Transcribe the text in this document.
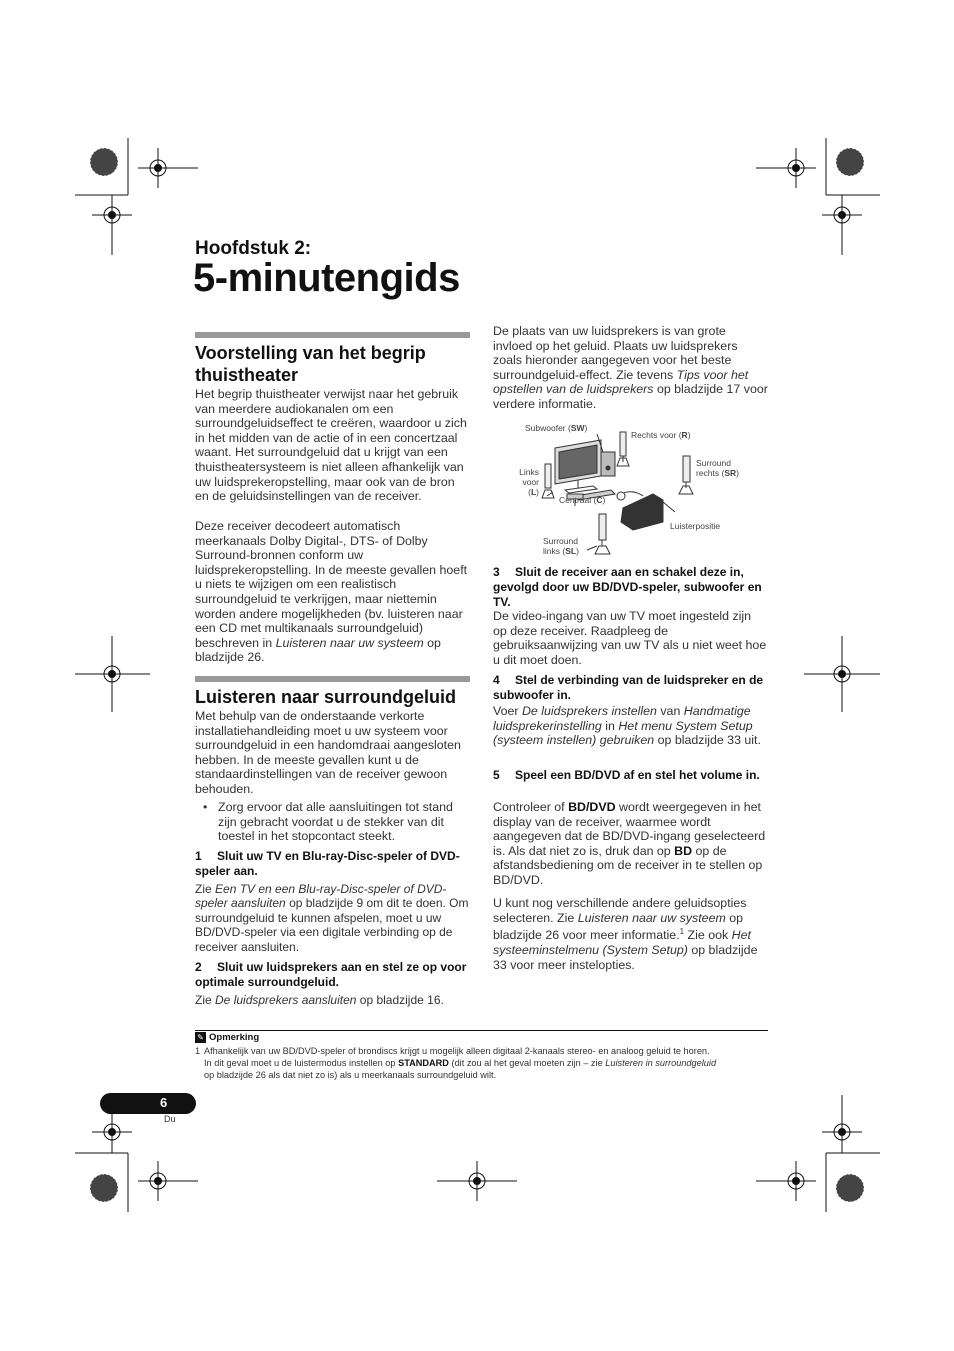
Hoofdstuk 2:
5-minutengids
Voorstelling van het begrip thuistheater
Het begrip thuistheater verwijst naar het gebruik van meerdere audiokanalen om een surroundgeluidseffect te creëren, waardoor u zich in het midden van de actie of in een concertzaal waant. Het surroundgeluid dat u krijgt van een thuistheatersysteem is niet alleen afhankelijk van uw luidsprekeropstelling, maar ook van de bron en de geluidsinstellingen van de receiver.
Deze receiver decodeert automatisch meerkanaals Dolby Digital-, DTS- of Dolby Surround-bronnen conform uw luidsprekeropstelling. In de meeste gevallen hoeft u niets te wijzigen om een realistisch surroundgeluid te verkrijgen, maar niettemin worden andere mogelijkheden (bv. luisteren naar een CD met multikanaals surroundgeluid) beschreven in Luisteren naar uw systeem op bladzijde 26.
Luisteren naar surroundgeluid
Met behulp van de onderstaande verkorte installatiehandleiding moet u uw systeem voor surroundgeluid in een handomdraai aangesloten hebben. In de meeste gevallen kunt u de standaardinstellingen van de receiver gewoon behouden.
• Zorg ervoor dat alle aansluitingen tot stand zijn gebracht voordat u de stekker van dit toestel in het stopcontact steekt.
1 Sluit uw TV en Blu-ray-Disc-speler of DVD-speler aan.
Zie Een TV en een Blu-ray-Disc-speler of DVD-speler aansluiten op bladzijde 9 om dit te doen. Om surroundgeluid te kunnen afspelen, moet u uw BD/DVD-speler via een digitale verbinding op de receiver aansluiten.
2 Sluit uw luidsprekers aan en stel ze op voor optimale surroundgeluid.
Zie De luidsprekers aansluiten op bladzijde 16.
De plaats van uw luidsprekers is van grote invloed op het geluid. Plaats uw luidsprekers zoals hieronder aangegeven voor het beste surroundgeluid-effect. Zie tevens Tips voor het opstellen van de luidsprekers op bladzijde 17 voor verdere informatie.
Subwoofer (SW)
Rechts voor (R)
Links
voor
(L)
Centraal (C)
Surround
rechts (SR)
Luisterpositie
Surround
links (SL)
3 Sluit de receiver aan en schakel deze in, gevolgd door uw BD/DVD-speler, subwoofer en TV.
De video-ingang van uw TV moet ingesteld zijn op deze receiver. Raadpleeg de gebruiksaanwijzing van uw TV als u niet weet hoe u dit moet doen.
4 Stel de verbinding van de luidspreker en de subwoofer in.
Voer De luidsprekers instellen van Handmatige luidsprekerinstelling in Het menu System Setup (systeem instellen) gebruiken op bladzijde 33 uit.
5 Speel een BD/DVD af en stel het volume in.
Controleer of BD/DVD wordt weergegeven in het display van de receiver, waarmee wordt aangegeven dat de BD/DVD-ingang geselecteerd is. Als dat niet zo is, druk dan op BD op de afstandsbediening om de receiver in te stellen op BD/DVD.
U kunt nog verschillende andere geluidsopties selecteren. Zie Luisteren naar uw systeem op bladzijde 26 voor meer informatie.$^1$ Zie ook Het systeeminstelmenu (System Setup) op bladzijde 33 voor meer instelopties.
✎ Opmerking
1 Afhankelijk van uw BD/DVD-speler of brondiscs krijgt u mogelijk alleen digitaal 2-kanaals stereo- en analoog geluid te horen.
In dit geval moet u de luistermodus instellen op STANDARD (dit zou al het geval moeten zijn – zie Luisteren in surroundgeluid
op bladzijde 26 als dat niet zo is) als u meerkanaals surroundgeluid wilt.
6
Du
